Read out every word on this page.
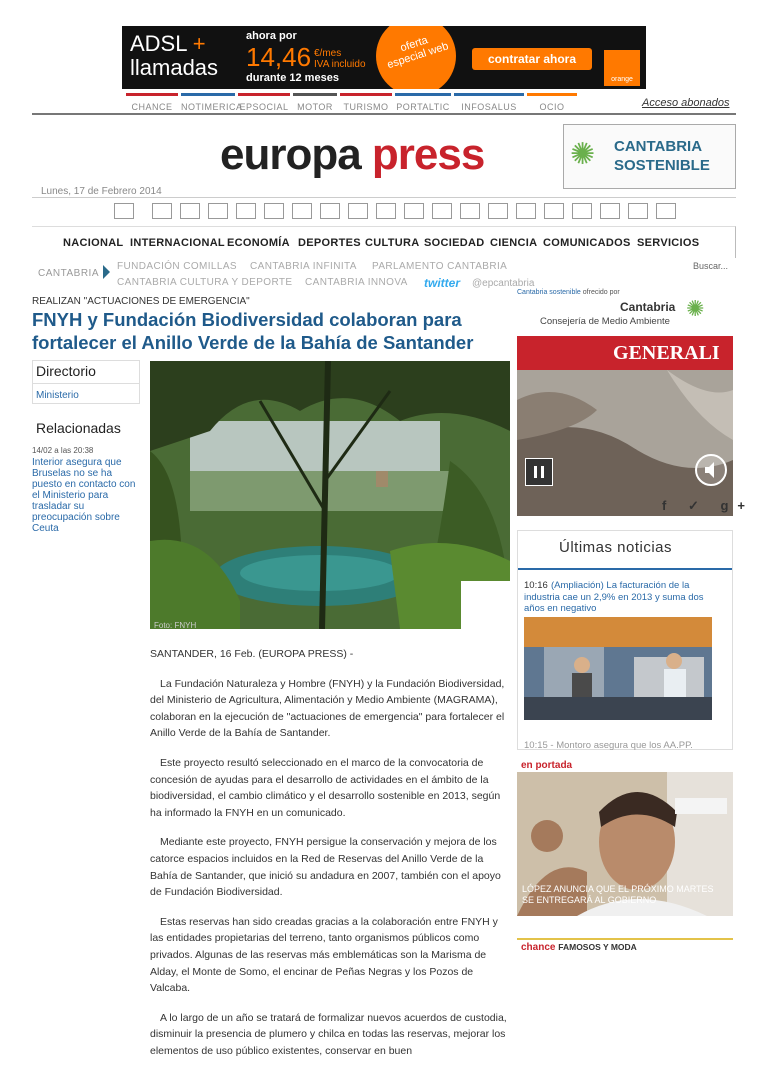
ADSL +
llamadas
ahora por
14,46 €/mes
IVA incluido
durante 12 meses
oferta especial web	contratar ahora
orange
CHANCE NOTIMERICA
EPSOCIAL MOTOR	TURISMO PORTALTIC	INFOSALUS	OCIO	Acceso abonados
europa press	✺ CANTABRIA
SOSTENIBLE
Lunes, 17 de Febrero 2014
NACIONAL INTERNACIONAL ECONOMÍA DEPORTES CULTURA SOCIEDAD CIENCIA COMUNICADOS SERVICIOS
CANTABRIA
FUNDACIÓN COMILLAS CANTABRIA INFINITA PARLAMENTO CANTABRIA
CANTABRIA CULTURA Y DEPORTE CANTABRIA INNOVA twitter @epcantabria
Buscar...
REALIZAN "ACTUACIONES DE EMERGENCIA"
FNYH y Fundación Biodiversidad colaboran para fortalecer el Anillo Verde de la Bahía de Santander
Directorio
Ministerio
Relacionadas
14/02 a las 20:38
Interior asegura que Bruselas no se ha puesto en contacto con el Ministerio para trasladar su preocupación sobre Ceuta
Foto: FNYH

SANTANDER, 16 Feb. (EUROPA PRESS) -

La Fundación Naturaleza y Hombre (FNYH) y la Fundación Biodiversidad, del Ministerio de Agricultura, Alimentación y Medio Ambiente (MAGRAMA), colaboran en la ejecución de "actuaciones de emergencia" para fortalecer el Anillo Verde de la Bahía de Santander.

Este proyecto resultó seleccionado en el marco de la convocatoria de concesión de ayudas para el desarrollo de actividades en el ámbito de la biodiversidad, el cambio climático y el desarrollo sostenible en 2013, según ha informado la FNYH en un comunicado.

Mediante este proyecto, FNYH persigue la conservación y mejora de los catorce espacios incluidos en la Red de Reservas del Anillo Verde de la Bahía de Santander, que inició su andadura en 2007, también con el apoyo de Fundación Biodiversidad.

Estas reservas han sido creadas gracias a la colaboración entre FNYH y las entidades propietarias del terreno, tanto organismos públicos como privados. Algunas de las reservas más emblemáticas son la Marisma de Alday, el Monte de Somo, el encinar de Peñas Negras y los Pozos de Valcaba.

A lo largo de un año se tratará de formalizar nuevos acuerdos de custodia, disminuir la presencia de plumero y chilca en todas las reservas, mejorar los elementos de uso público existentes, conservar en buen

Cantabria sostenible ofrecido por
Cantabria ✺
Consejería de Medio Ambiente
GENERALI
f ✓ g+
Últimas noticias
(Ampliación) La facturación de la industria cae un 2,9% en 2013 y suma dos años en negativo
10:16
10:15 - Montoro asegura que los AA.PP.
en portada
LÓPEZ ANUNCIA QUE EL PRÓXIMO MARTES SE ENTREGARÁ AL GOBIERNO
chance FAMOSOS Y MODA
